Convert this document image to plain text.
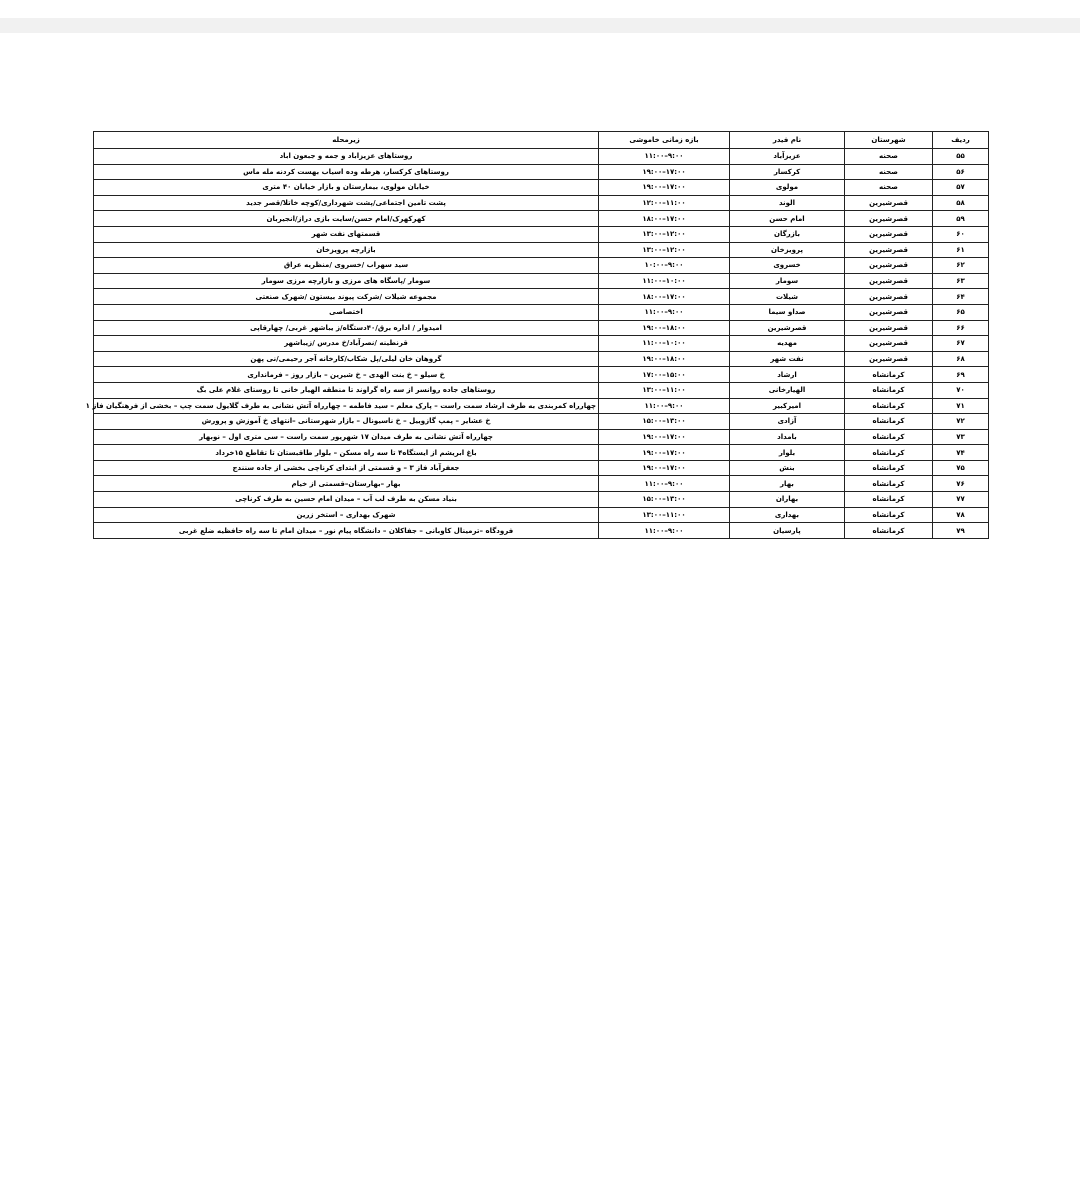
ردیف	شهرستان	نام فیدر	بازه زمانی خاموشی	زیرمحله
۵۵	صحنه	عزیزآباد	۹:۰۰–۱۱:۰۰	روستاهای عزیزاباد و جمه و جبعون اباد
۵۶	صحنه	کرکسار	۱۷:۰۰–۱۹:۰۰	روستاهای کرکسار، هرطه وده اسیاب بهست کردنه مله ماس
۵۷	صحنه	مولوی	۱۷:۰۰–۱۹:۰۰	خیابان مولوی، بیمارستان و بازار خیابان ۴۰ متری
۵۸	قصرشیرین	الوند	۱۱:۰۰–۱۲:۰۰	پشت تامین اجتماعی/پشت شهرداری/کوچه خاتلا/قصر جدید
۵۹	قصرشیرین	امام حسن	۱۷:۰۰–۱۸:۰۰	کهرکهرک/امام حسن/سایت بازی دراز/انجیربان
۶۰	قصرشیرین	بازرگان	۱۲:۰۰–۱۳:۰۰	قسمتهای نفت شهر
۶۱	قصرشیرین	پرویزخان	۱۲:۰۰–۱۳:۰۰	بازارچه پرویزخان
۶۲	قصرشیرین	خسروی	۹:۰۰–۱۰:۰۰	سید سهراب /خسروی /منظریه عراق
۶۳	قصرشیرین	سومار	۱۰:۰۰–۱۱:۰۰	سومار /پاسگاه های مرزی و بازارچه مرزی سومار
۶۴	قصرشیرین	شیلات	۱۷:۰۰–۱۸:۰۰	مجموعه شیلات /شرکت پیوند بیستون /شهرک صنعتی
۶۵	قصرشیرین	صداو سیما	۹:۰۰–۱۱:۰۰	اختصاصی
۶۶	قصرشیرین	قصرشیرین	۱۸:۰۰–۱۹:۰۰	امیدوار / اداره برق/۴۰دستگاه/ز یباشهر غربی/ چهارقاپی
۶۷	قصرشیرین	مهدیه	۱۰:۰۰–۱۱:۰۰	قرنطینه /نصرآباد/خ مدرس /زیباشهر
۶۸	قصرشیرین	نفت شهر	۱۸:۰۰–۱۹:۰۰	گروهان خان لیلی/پل شکاب/کارخانه آجر رحیمی/نی پهن
۶۹	کرمانشاه	ارشاد	۱۵:۰۰–۱۷:۰۰	خ سیلو – خ بنت الهدی – خ شیرین – بازار روز – فرمانداری
۷۰	کرمانشاه	الهیارخانی	۱۱:۰۰–۱۳:۰۰	روستاهای جاده روانسر از سه راه گراوند تا منطقه الهیار خانی تا روستای غلام علی بگ
۷۱	کرمانشاه	امیرکبیر	۹:۰۰–۱۱:۰۰	چهارراه کمربندی به طرف ارشاد سمت راست – پارک معلم – سید فاطمه – چهارراه آتش نشانی به طرف گلایول سمت چپ – بخشی از فرهنگیان فاز ۱
۷۲	کرمانشاه	آزادی	۱۳:۰۰–۱۵:۰۰	خ عشایر – پمپ گازوییل – خ ناسیونال – بازار شهرستانی –انتهای خ آموزش و پرورش
۷۳	کرمانشاه	بامداد	۱۷:۰۰–۱۹:۰۰	چهارراه آتش نشانی به طرف میدان ۱۷ شهریور سمت راست – سی متری اول – نوبهار
۷۴	کرمانشاه	بلوار	۱۷:۰۰–۱۹:۰۰	باغ ابریشم از ایستگاه۴ تا سه راه مسکن – بلوار طاقبستان تا تقاطع ۱۵خرداد
۷۵	کرمانشاه	بنش	۱۷:۰۰–۱۹:۰۰	جعفرآباد فاز ۳ – و قسمتی از ابتدای کرناچی بخشی از جاده سنندج
۷۶	کرمانشاه	بهار	۹:۰۰–۱۱:۰۰	بهار –بهارستان–قسمتی از خیام
۷۷	کرمانشاه	بهاران	۱۳:۰۰–۱۵:۰۰	بنیاد مسکن به طرف لب آب – میدان امام حسین به طرف کرناچی
۷۸	کرمانشاه	بهداری	۱۱:۰۰–۱۳:۰۰	شهرک بهداری – استخر زرین
۷۹	کرمانشاه	پارسیان	۹:۰۰–۱۱:۰۰	فرودگاه –ترمینال کاوبانی – جفاکلان – دانشگاه پیام نور – میدان امام تا سه راه حافظیه ضلع غربی
